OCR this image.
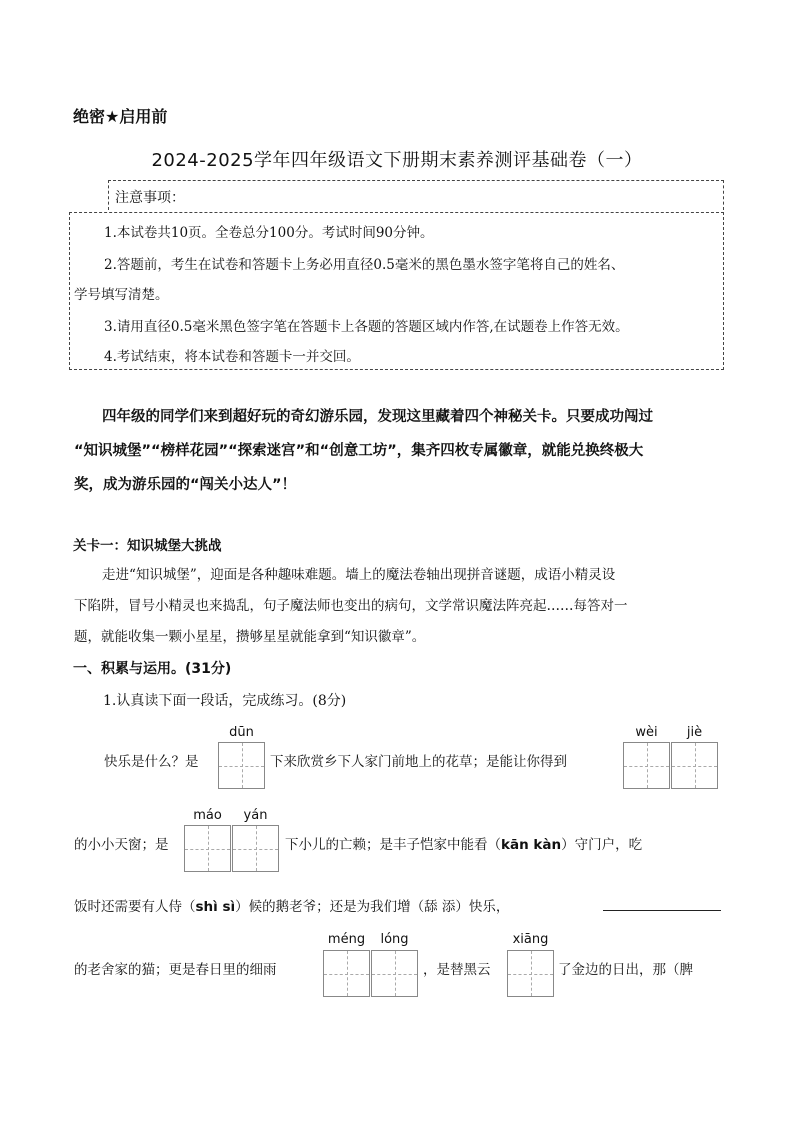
绝密★启用前
2024-2025学年四年级语文下册期末素养测评基础卷（一）
注意事项：
1.本试卷共10页。全卷总分100分。考试时间90分钟。
2.答题前，考生在试卷和答题卡上务必用直径0.5毫米的黑色墨水签字笔将自己的姓名、
学号填写清楚。
3.请用直径0.5毫米黑色签字笔在答题卡上各题的答题区域内作答,在试题卷上作答无效。
4.考试结束，将本试卷和答题卡一并交回。

四年级的同学们来到超好玩的奇幻游乐园，发现这里藏着四个神秘关卡。只要成功闯过

“知识城堡”“榜样花园”“探索迷宫”和“创意工坊”，集齐四枚专属徽章，就能兑换终极大

奖，成为游乐园的“闯关小达人”！

关卡一：知识城堡大挑战

走进“知识城堡”，迎面是各种趣味难题。墙上的魔法卷轴出现拼音谜题，成语小精灵设

下陷阱，冒号小精灵也来捣乱，句子魔法师也变出的病句，文学常识魔法阵亮起……每答对一

题，就能收集一颗小星星，攒够星星就能拿到“知识徽章”。

一、积累与运用。(31分)
1.认真读下面一段话，完成练习。(8分)
dūn
快乐是什么？是	下来欣赏乡下人家门前地上的花草；是能让你得到
wèi	jiè
máo	yán
的小小天窗；是	下小儿的亡赖；是丰子恺家中能看（kān kàn）守门户，吃
饭时还需要有人侍（shì sì）候的鹅老爷；还是为我们增（舔 添）快乐，
méng	lóng
的老舍家的猫；更是春日里的细雨	，是替黑云
xiāng
了金边的日出，那（脾
